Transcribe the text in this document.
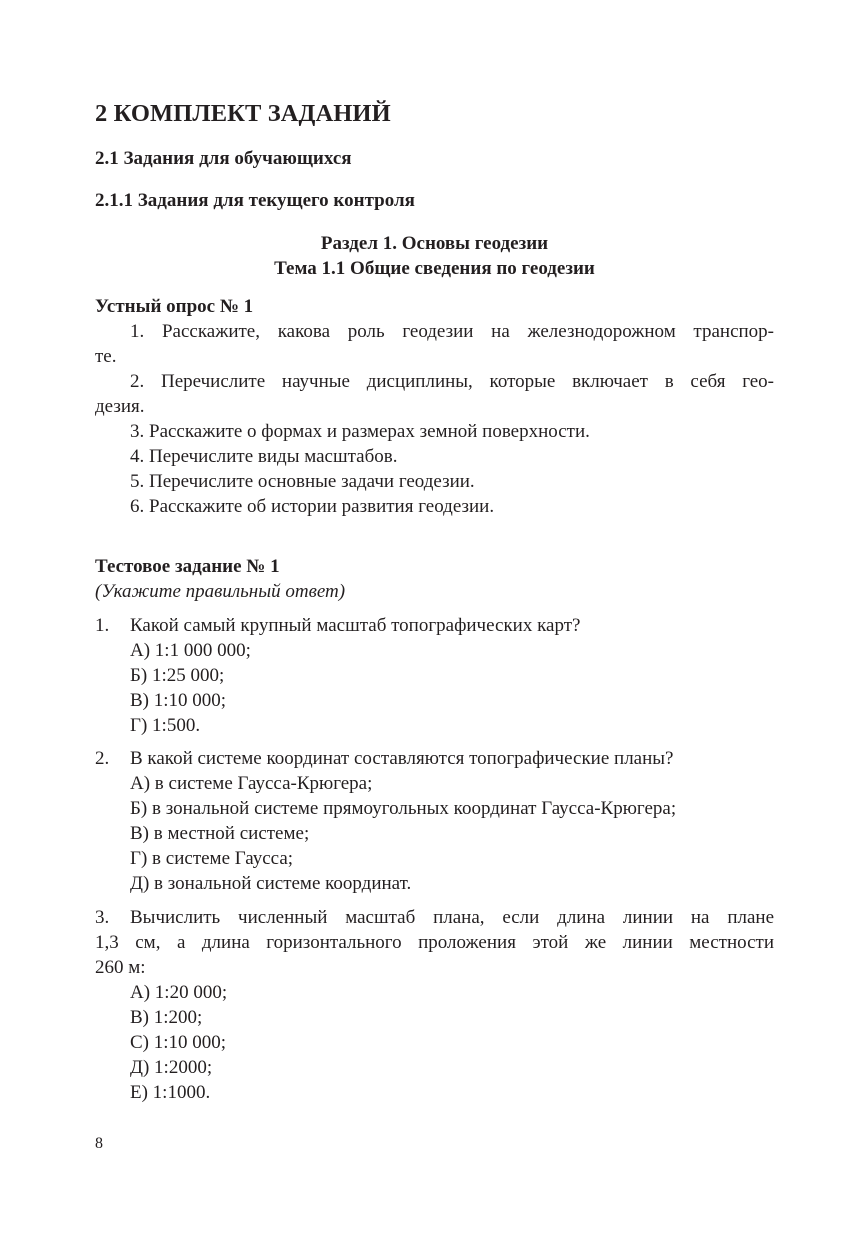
2 КОМПЛЕКТ ЗАДАНИЙ
2.1 Задания для обучающихся
2.1.1 Задания для текущего контроля
Раздел 1. Основы геодезии
Тема 1.1 Общие сведения по геодезии
Устный опрос № 1
1. Расскажите, какова роль геодезии на железнодорожном транспор-
те.
2. Перечислите научные дисциплины, которые включает в себя гео-
дезия.
3. Расскажите о формах и размерах земной поверхности.
4. Перечислите виды масштабов.
5. Перечислите основные задачи геодезии.
6. Расскажите об истории развития геодезии.
Тестовое задание № 1
(Укажите правильный ответ)
1. Какой самый крупный масштаб топографических карт?
А) 1:1 000 000;
Б) 1:25 000;
В) 1:10 000;
Г) 1:500.
2. В какой системе координат составляются топографические планы?
А) в системе Гаусса-Крюгера;
Б) в зональной системе прямоугольных координат Гаусса-Крюгера;
В) в местной системе;
Г) в системе Гаусса;
Д) в зональной системе координат.
3. Вычислить численный масштаб плана, если длина линии на плане
1,3 см, а длина горизонтального проложения этой же линии местности
260 м:
А) 1:20 000;
В) 1:200;
С) 1:10 000;
Д) 1:2000;
Е) 1:1000.
8
